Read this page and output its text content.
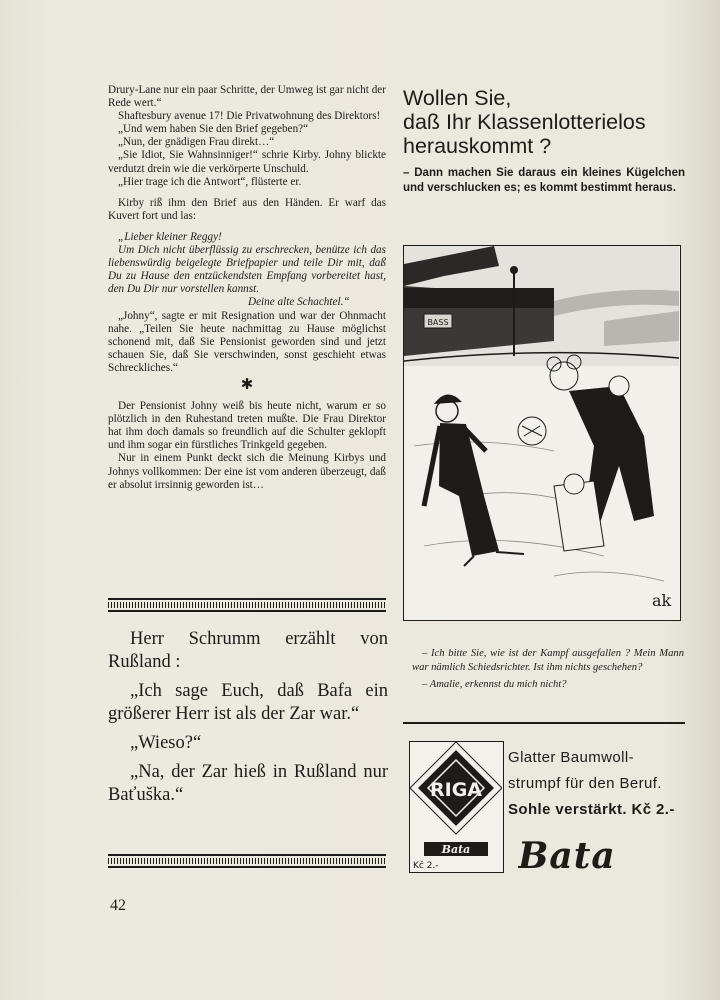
Drury-Lane nur ein paar Schritte, der Umweg ist gar nicht der Rede wert.“

Shaftesbury avenue 17! Die Privatwohnung des Direktors!

„Und wem haben Sie den Brief gegeben?“

„Nun, der gnädigen Frau direkt…“

„Sie Idiot, Sie Wahnsinniger!“ schrie Kirby. Johny blickte verdutzt drein wie die verkörperte Unschuld.

„Hier trage ich die Antwort“, flüsterte er.

Kirby riß ihm den Brief aus den Händen. Er warf das Kuvert fort und las:

„Lieber kleiner Reggy!

Um Dich nicht überflüssig zu erschrecken, benütze ich das liebenswürdig beigelegte Briefpapier und teile Dir mit, daß Du zu Hause den entzückendsten Empfang vorbereitet hast, den Du Dir nur vorstellen kannst.

Deine alte Schachtel.“

„Johny“, sagte er mit Resignation und war der Ohnmacht nahe. „Teilen Sie heute nachmittag zu Hause möglichst schonend mit, daß Sie Pensionist geworden sind und jetzt schauen Sie, daß Sie verschwinden, sonst geschieht etwas Schreckliches.“

✱

Der Pensionist Johny weiß bis heute nicht, warum er so plötzlich in den Ruhestand treten mußte. Die Frau Direktor hat ihm doch damals so freundlich auf die Schulter geklopft und ihm sogar ein fürstliches Trinkgeld gegeben.

Nur in einem Punkt deckt sich die Meinung Kirbys und Johnys vollkommen: Der eine ist vom anderen überzeugt, daß er absolut irrsinnig geworden ist…

Herr Schrumm erzählt von Rußland :

„Ich sage Euch, daß Bafa ein größerer Herr ist als der Zar war.“

„Wieso?“

„Na, der Zar hieß in Rußland nur Baťuška.“

Wollen Sie,
daß Ihr Klassenlotterielos
herauskommt ?
– Dann machen Sie daraus ein kleines Kügelchen und verschlucken es; es kommt bestimmt heraus.
BASS
ak

– Ich bitte Sie, wie ist der Kampf ausgefallen ? Mein Mann war nämlich Schiedsrichter. Ist ihm nichts geschehen?

– Amalie, erkennst du mich nicht?

RIGA
Bata
Kč 2.-
Glatter Baumwoll-
strumpf für den Beruf.
Sohle verstärkt. Kč 2.-
Bata
42
